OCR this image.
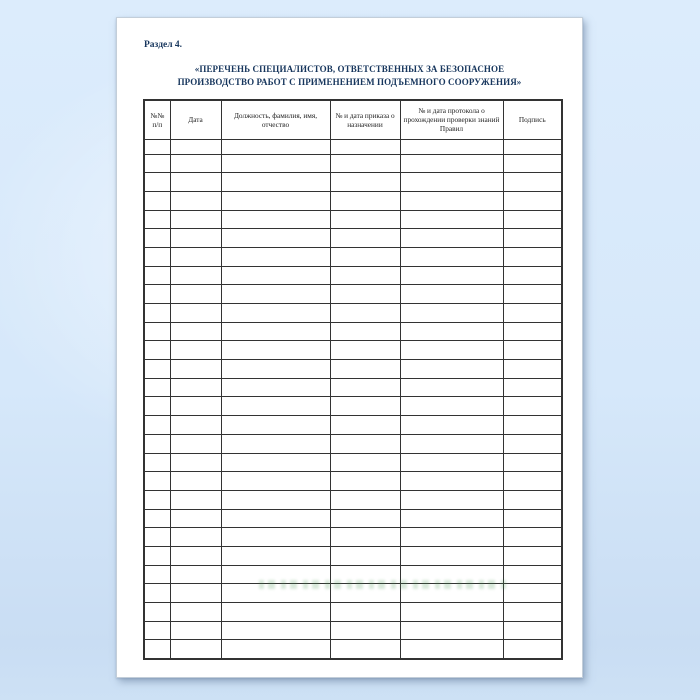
Раздел 4.
«ПЕРЕЧЕНЬ СПЕЦИАЛИСТОВ, ОТВЕТСТВЕННЫХ ЗА БЕЗОПАСНОЕ
ПРОИЗВОДСТВО РАБОТ С ПРИМЕНЕНИЕМ ПОДЪЕМНОГО СООРУЖЕНИЯ»
№№ п/п	Дата	Должность, фамилия, имя, отчество	№ и дата приказа о назначении	№ и дата протокола о прохождении проверки знаний Правил	Подпись
